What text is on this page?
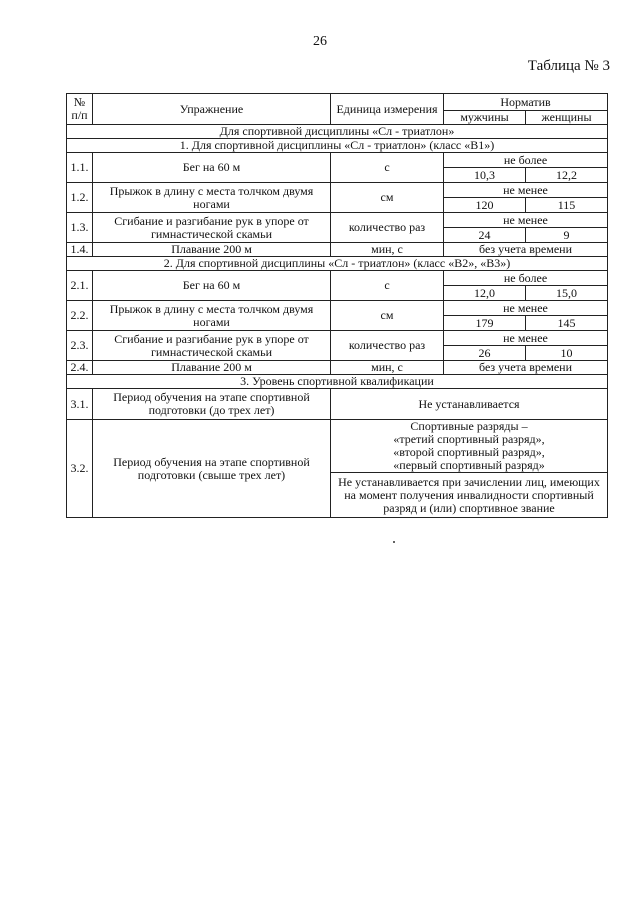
26
Таблица № 3
№ п/п	Упражнение	Единица измерения	Норматив	
			мужчины	женщины
Для спортивной дисциплины «Сл - триатлон»				
1. Для спортивной дисциплины «Сл - триатлон» (класс «В1»)				
1.1.	Бег на 60 м	с	не более	
			10,3	12,2
1.2.	Прыжок в длину с места толчком двумя ногами	см	не менее	
			120	115
1.3.	Сгибание и разгибание рук в упоре от гимнастической скамьи	количество раз	не менее	
			24	9
1.4.	Плавание 200 м	мин, с	без учета времени	
2. Для спортивной дисциплины «Сл - триатлон» (класс «В2», «В3»)				
2.1.	Бег на 60 м	с	не более	
			12,0	15,0
2.2.	Прыжок в длину с места толчком двумя ногами	см	не менее	
			179	145
2.3.	Сгибание и разгибание рук в упоре от гимнастической скамьи	количество раз	не менее	
			26	10
2.4.	Плавание 200 м	мин, с	без учета времени	
3. Уровень спортивной квалификации				
3.1.	Период обучения на этапе спортивной подготовки (до трех лет)	Не устанавливается		
3.2.	Период обучения на этапе спортивной подготовки (свыше трех лет)	Спортивные разряды –
«третий спортивный разряд»,
«второй спортивный разряд»,
«первый спортивный разряд»		

		Не устанавливается при зачислении лиц, имеющих на момент получения инвалидности спортивный разряд и (или) спортивное звание		
